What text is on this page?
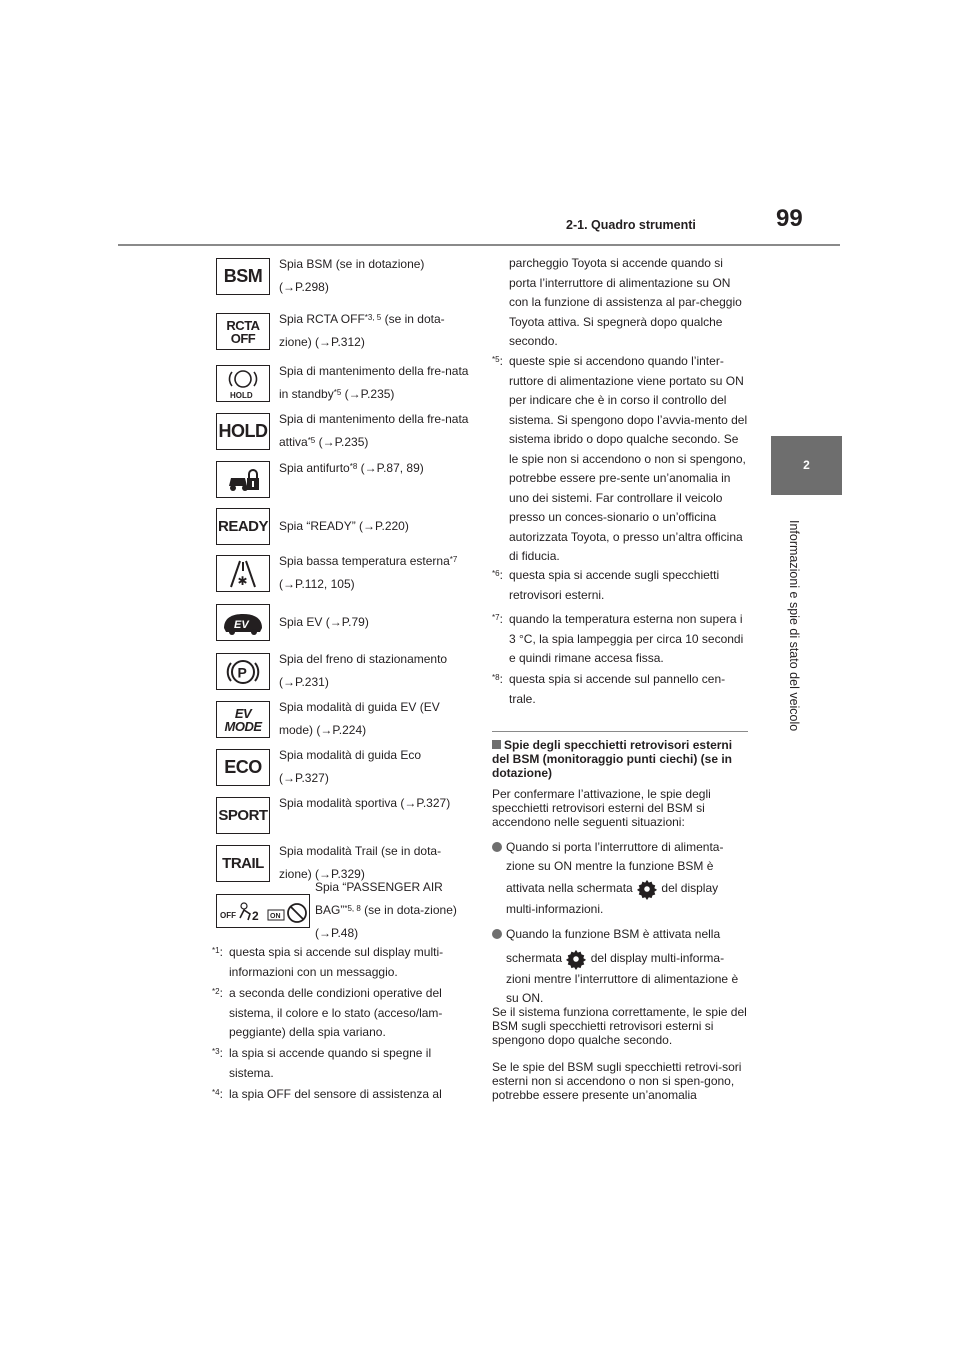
2-1. Quadro strumenti	99
2
Informazioni e spie di stato del veicolo
BSM
Spia BSM (se in dotazione) (→P.298)
RCTA
OFF
Spia RCTA OFF$^{*3, 5}$ (se in dota-zione) (→P.312)
HOLD
Spia di mantenimento della fre-nata in standby$^{*5}$ (→P.235)
HOLD
Spia di mantenimento della fre-nata attiva$^{*5}$ (→P.235)
Spia antifurto$^{*8}$ (→P.87, 89)
READY Spia “READY” (→P.220)
✱
Spia bassa temperatura esterna$^{*7}$ (→P.112, 105)
EV	Spia EV (→P.79)
P
Spia del freno di stazionamento (→P.231)
EV
MODE
Spia modalità di guida EV (EV mode) (→P.224)
ECO
Spia modalità di guida Eco (→P.327)
SPORT
Spia modalità sportiva (→P.327)
TRAIL
Spia modalità Trail (se in dota-zione) (→P.329)
OFF 2 ON
Spia “PASSENGER AIR BAG”$^{*5, 8}$ (se in dota-zione) (→P.48)
$^{*1}$: questa spia si accende sul display multi-informazioni con un messaggio.
$^{*2}$: a seconda delle condizioni operative del sistema, il colore e lo stato (acceso/lam-peggiante) della spia variano.
$^{*3}$: la spia si accende quando si spegne il sistema.
$^{*4}$: la spia OFF del sensore di assistenza al
parcheggio Toyota si accende quando si porta l’interruttore di alimentazione su ON con la funzione di assistenza al par-cheggio Toyota attiva. Si spegnerà dopo qualche secondo.
$^{*5}$: queste spie si accendono quando l’inter-ruttore di alimentazione viene portato su ON per indicare che è in corso il controllo del sistema. Si spengono dopo l’avvia-mento del sistema ibrido o dopo qualche secondo. Se le spie non si accendono o non si spengono, potrebbe essere pre-sente un’anomalia in uno dei sistemi. Far controllare il veicolo presso un conces-sionario o un’officina autorizzata Toyota, o presso un’altra officina di fiducia.
$^{*6}$: questa spia si accende sugli specchietti retrovisori esterni.
$^{*7}$: quando la temperatura esterna non supera i 3 °C, la spia lampeggia per circa 10 secondi e quindi rimane accesa fissa.
$^{*8}$: questa spia si accende sul pannello cen-trale.
Spie degli specchietti retrovisori esterni del BSM (monitoraggio punti ciechi) (se in dotazione)
Per confermare l’attivazione, le spie degli specchietti retrovisori esterni del BSM si accendono nelle seguenti situazioni:
Quando si porta l’interruttore di alimenta-zione su ON mentre la funzione BSM è
attivata nella schermata del display multi-informazioni.
Quando la funzione BSM è attivata nella
schermata del display multi-informa-zioni mentre l’interruttore di alimentazione è su ON.
Se il sistema funziona correttamente, le spie del BSM sugli specchietti retrovisori esterni si spengono dopo qualche secondo.
Se le spie del BSM sugli specchietti retrovi-sori esterni non si accendono o non si spen-gono, potrebbe essere presente un’anomalia
